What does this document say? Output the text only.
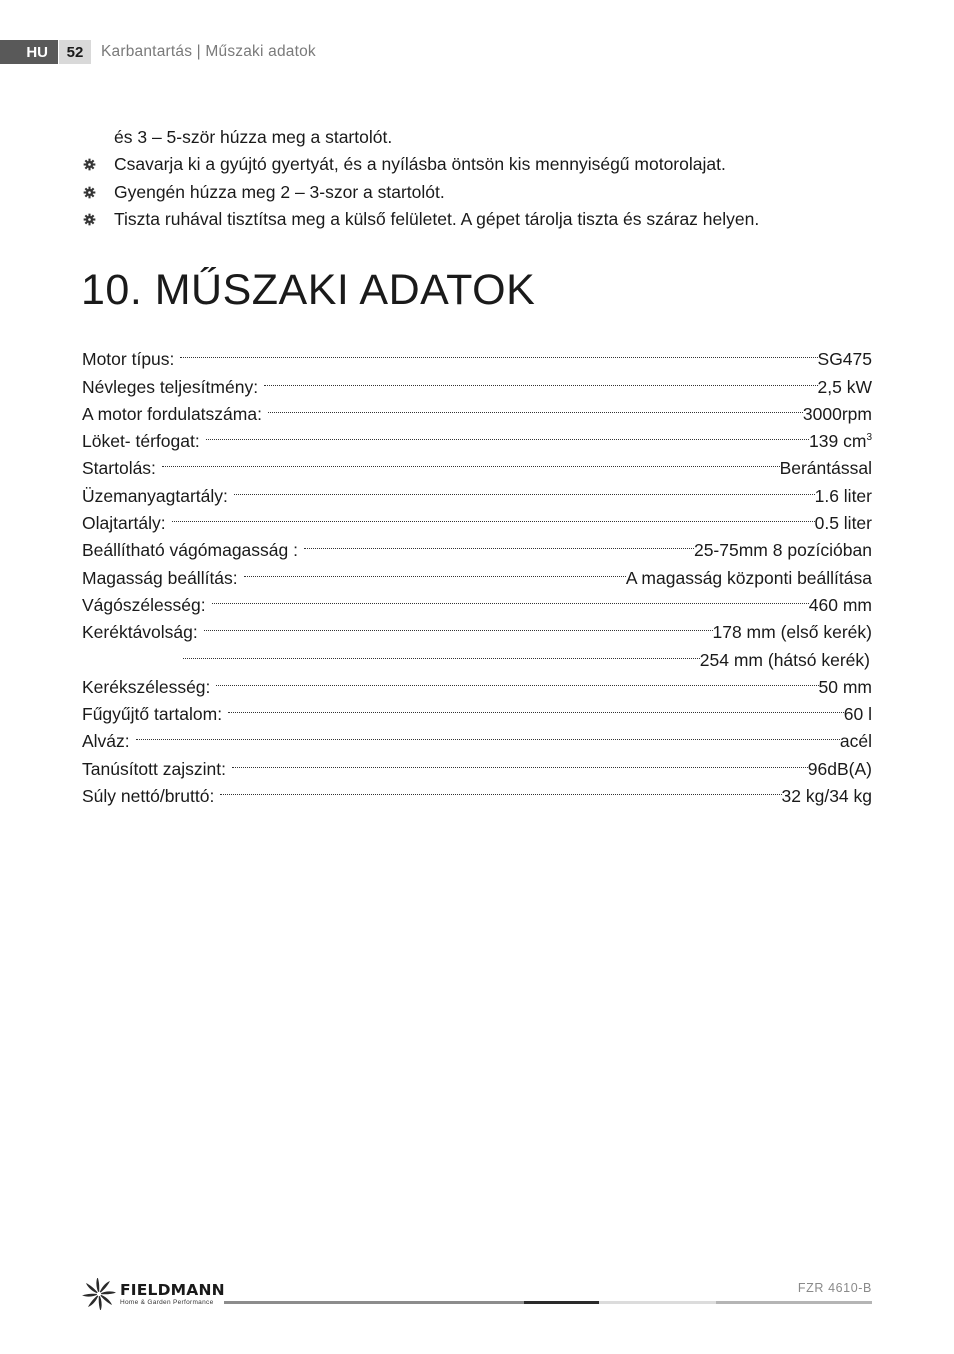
HU	52	Karbantartás | Műszaki adatok
és 3 – 5-ször húzza meg a startolót.
Csavarja ki a gyújtó gyertyát, és a nyílásba öntsön kis mennyiségű motorolajat.
Gyengén húzza meg 2 – 3-szor a startolót.
Tiszta ruhával tisztítsa meg a külső felületet. A gépet tárolja tiszta és száraz helyen.
10. MŰSZAKI ADATOK
Motor típus:	SG475
Névleges teljesítmény:	2,5 kW
A motor fordulatszáma:	3000rpm
Löket- térfogat:	139 $cm^3$
Startolás:	Berántással
Üzemanyagtartály:	1.6 liter
Olajtartály:	0.5 liter
Beállítható vágómagasság :	25-75mm 8 pozícióban
Magasság beállítás:	A magasság központi beállítása
Vágószélesség:	460 mm
Keréktávolság:	178 mm (első kerék)
254 mm (hátsó kerék)
Kerékszélesség:	50 mm
Fűgyűjtő tartalom:	60 l
Alváz:	acél
Tanúsított zajszint:	96dB(A)
Súly nettó/bruttó:	32 kg/34 kg
FIELDMANN
Home & Garden Performance
FZR 4610-B
